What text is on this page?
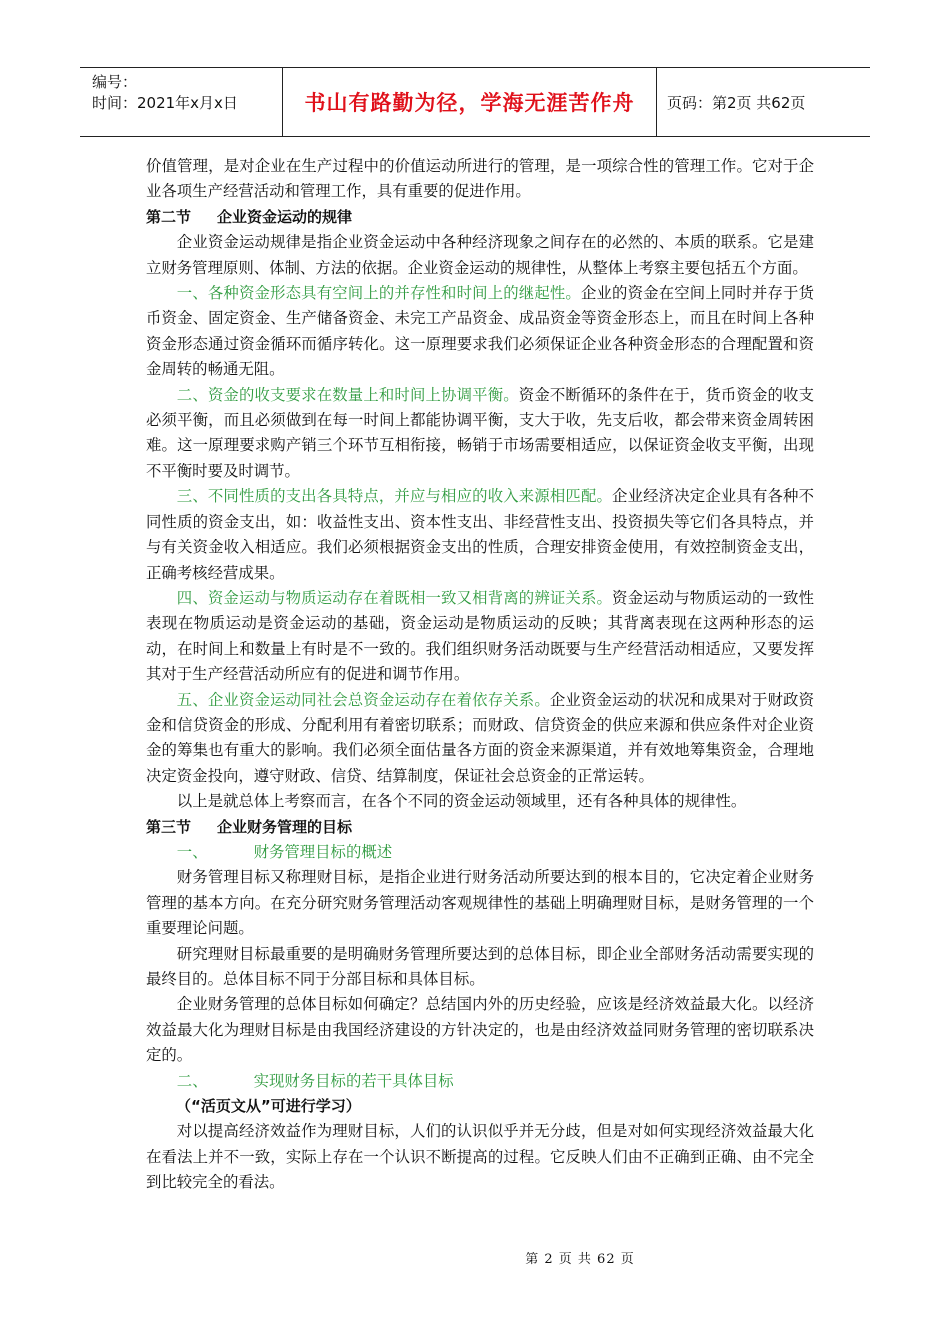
编号：
时间：2021年x月x日	书山有路勤为径，学海无涯苦作舟	页码：第2页 共62页

价值管理，是对企业在生产过程中的价值运动所进行的管理，是一项综合性的管理工作。它对于企业各项生产经营活动和管理工作，具有重要的促进作用。

第二节 企业资金运动的规律

企业资金运动规律是指企业资金运动中各种经济现象之间存在的必然的、本质的联系。它是建立财务管理原则、体制、方法的依据。企业资金运动的规律性，从整体上考察主要包括五个方面。

一、各种资金形态具有空间上的并存性和时间上的继起性。企业的资金在空间上同时并存于货币资金、固定资金、生产储备资金、未完工产品资金、成品资金等资金形态上，而且在时间上各种资金形态通过资金循环而循序转化。这一原理要求我们必须保证企业各种资金形态的合理配置和资金周转的畅通无阻。

二、资金的收支要求在数量上和时间上协调平衡。资金不断循环的条件在于，货币资金的收支必须平衡，而且必须做到在每一时间上都能协调平衡，支大于收，先支后收，都会带来资金周转困难。这一原理要求购产销三个环节互相衔接，畅销于市场需要相适应，以保证资金收支平衡，出现不平衡时要及时调节。

三、不同性质的支出各具特点，并应与相应的收入来源相匹配。企业经济决定企业具有各种不同性质的资金支出，如：收益性支出、资本性支出、非经营性支出、投资损失等它们各具特点，并与有关资金收入相适应。我们必须根据资金支出的性质，合理安排资金使用，有效控制资金支出，正确考核经营成果。

四、资金运动与物质运动存在着既相一致又相背离的辨证关系。资金运动与物质运动的一致性表现在物质运动是资金运动的基础，资金运动是物质运动的反映；其背离表现在这两种形态的运动，在时间上和数量上有时是不一致的。我们组织财务活动既要与生产经营活动相适应，又要发挥其对于生产经营活动所应有的促进和调节作用。

五、企业资金运动同社会总资金运动存在着依存关系。企业资金运动的状况和成果对于财政资金和信贷资金的形成、分配利用有着密切联系；而财政、信贷资金的供应来源和供应条件对企业资金的筹集也有重大的影响。我们必须全面估量各方面的资金来源渠道，并有效地筹集资金，合理地决定资金投向，遵守财政、信贷、结算制度，保证社会总资金的正常运转。

以上是就总体上考察而言，在各个不同的资金运动领域里，还有各种具体的规律性。

第三节 企业财务管理的目标

一、	财务管理目标的概述

财务管理目标又称理财目标，是指企业进行财务活动所要达到的根本目的，它决定着企业财务管理的基本方向。在充分研究财务管理活动客观规律性的基础上明确理财目标，是财务管理的一个重要理论问题。

研究理财目标最重要的是明确财务管理所要达到的总体目标，即企业全部财务活动需要实现的最终目的。总体目标不同于分部目标和具体目标。

企业财务管理的总体目标如何确定？总结国内外的历史经验，应该是经济效益最大化。以经济效益最大化为理财目标是由我国经济建设的方针决定的，也是由经济效益同财务管理的密切联系决定的。

二、	实现财务目标的若干具体目标

（“活页文从”可进行学习）

对以提高经济效益作为理财目标，人们的认识似乎并无分歧，但是对如何实现经济效益最大化在看法上并不一致，实际上存在一个认识不断提高的过程。它反映人们由不正确到正确、由不完全到比较完全的看法。

第 2 页 共 62 页
